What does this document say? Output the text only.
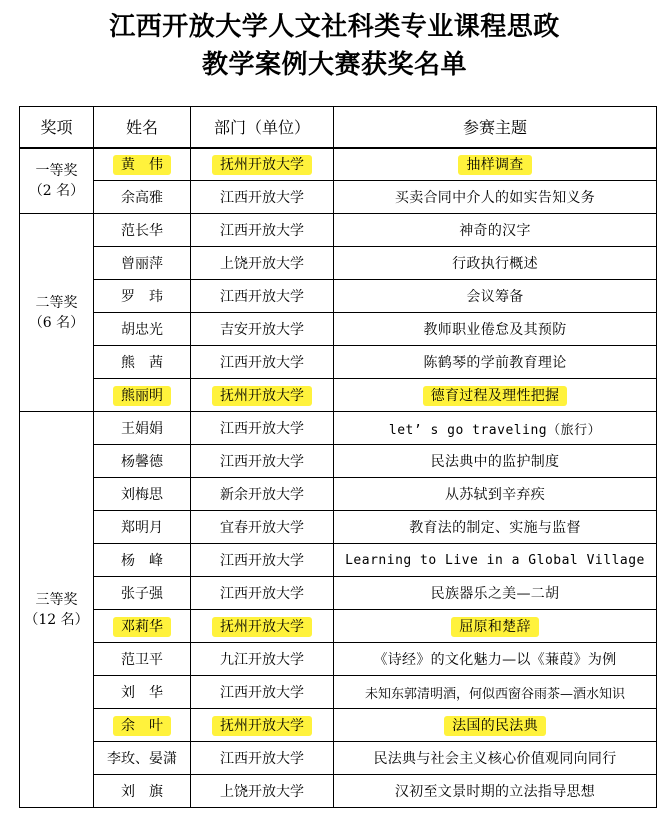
江西开放大学人文社科类专业课程思政
教学案例大赛获奖名单
奖项	姓名	部门（单位）	参赛主题

一等奖
（2 名）	黄　伟	抚州开放大学	抽样调查
	余高雅	江西开放大学	买卖合同中介人的如实告知义务

二等奖
（6 名）	范长华	江西开放大学	神奇的汉字
	曾丽萍	上饶开放大学	行政执行概述
	罗　玮	江西开放大学	会议筹备
	胡忠光	吉安开放大学	教师职业倦怠及其预防
	熊　茜	江西开放大学	陈鹤琴的学前教育理论
	熊丽明	抚州开放大学	德育过程及理性把握

三等奖
（12 名）	王娟娟	江西开放大学	let’ s go traveling（旅行）
	杨馨德	江西开放大学	民法典中的监护制度
	刘梅思	新余开放大学	从苏轼到辛弃疾
	郑明月	宜春开放大学	教育法的制定、实施与监督
	杨　峰	江西开放大学	Learning to Live in a Global Village
	张子强	江西开放大学	民族器乐之美—二胡
	邓莉华	抚州开放大学	屈原和楚辞
	范卫平	九江开放大学	《诗经》的文化魅力—以《蒹葭》为例
	刘　华	江西开放大学	未知东郭清明酒，何似西窗谷雨茶—酒水知识
	余　叶	抚州开放大学	法国的民法典
	李玫、晏潇	江西开放大学	民法典与社会主义核心价值观同向同行
	刘　旗	上饶开放大学	汉初至文景时期的立法指导思想
